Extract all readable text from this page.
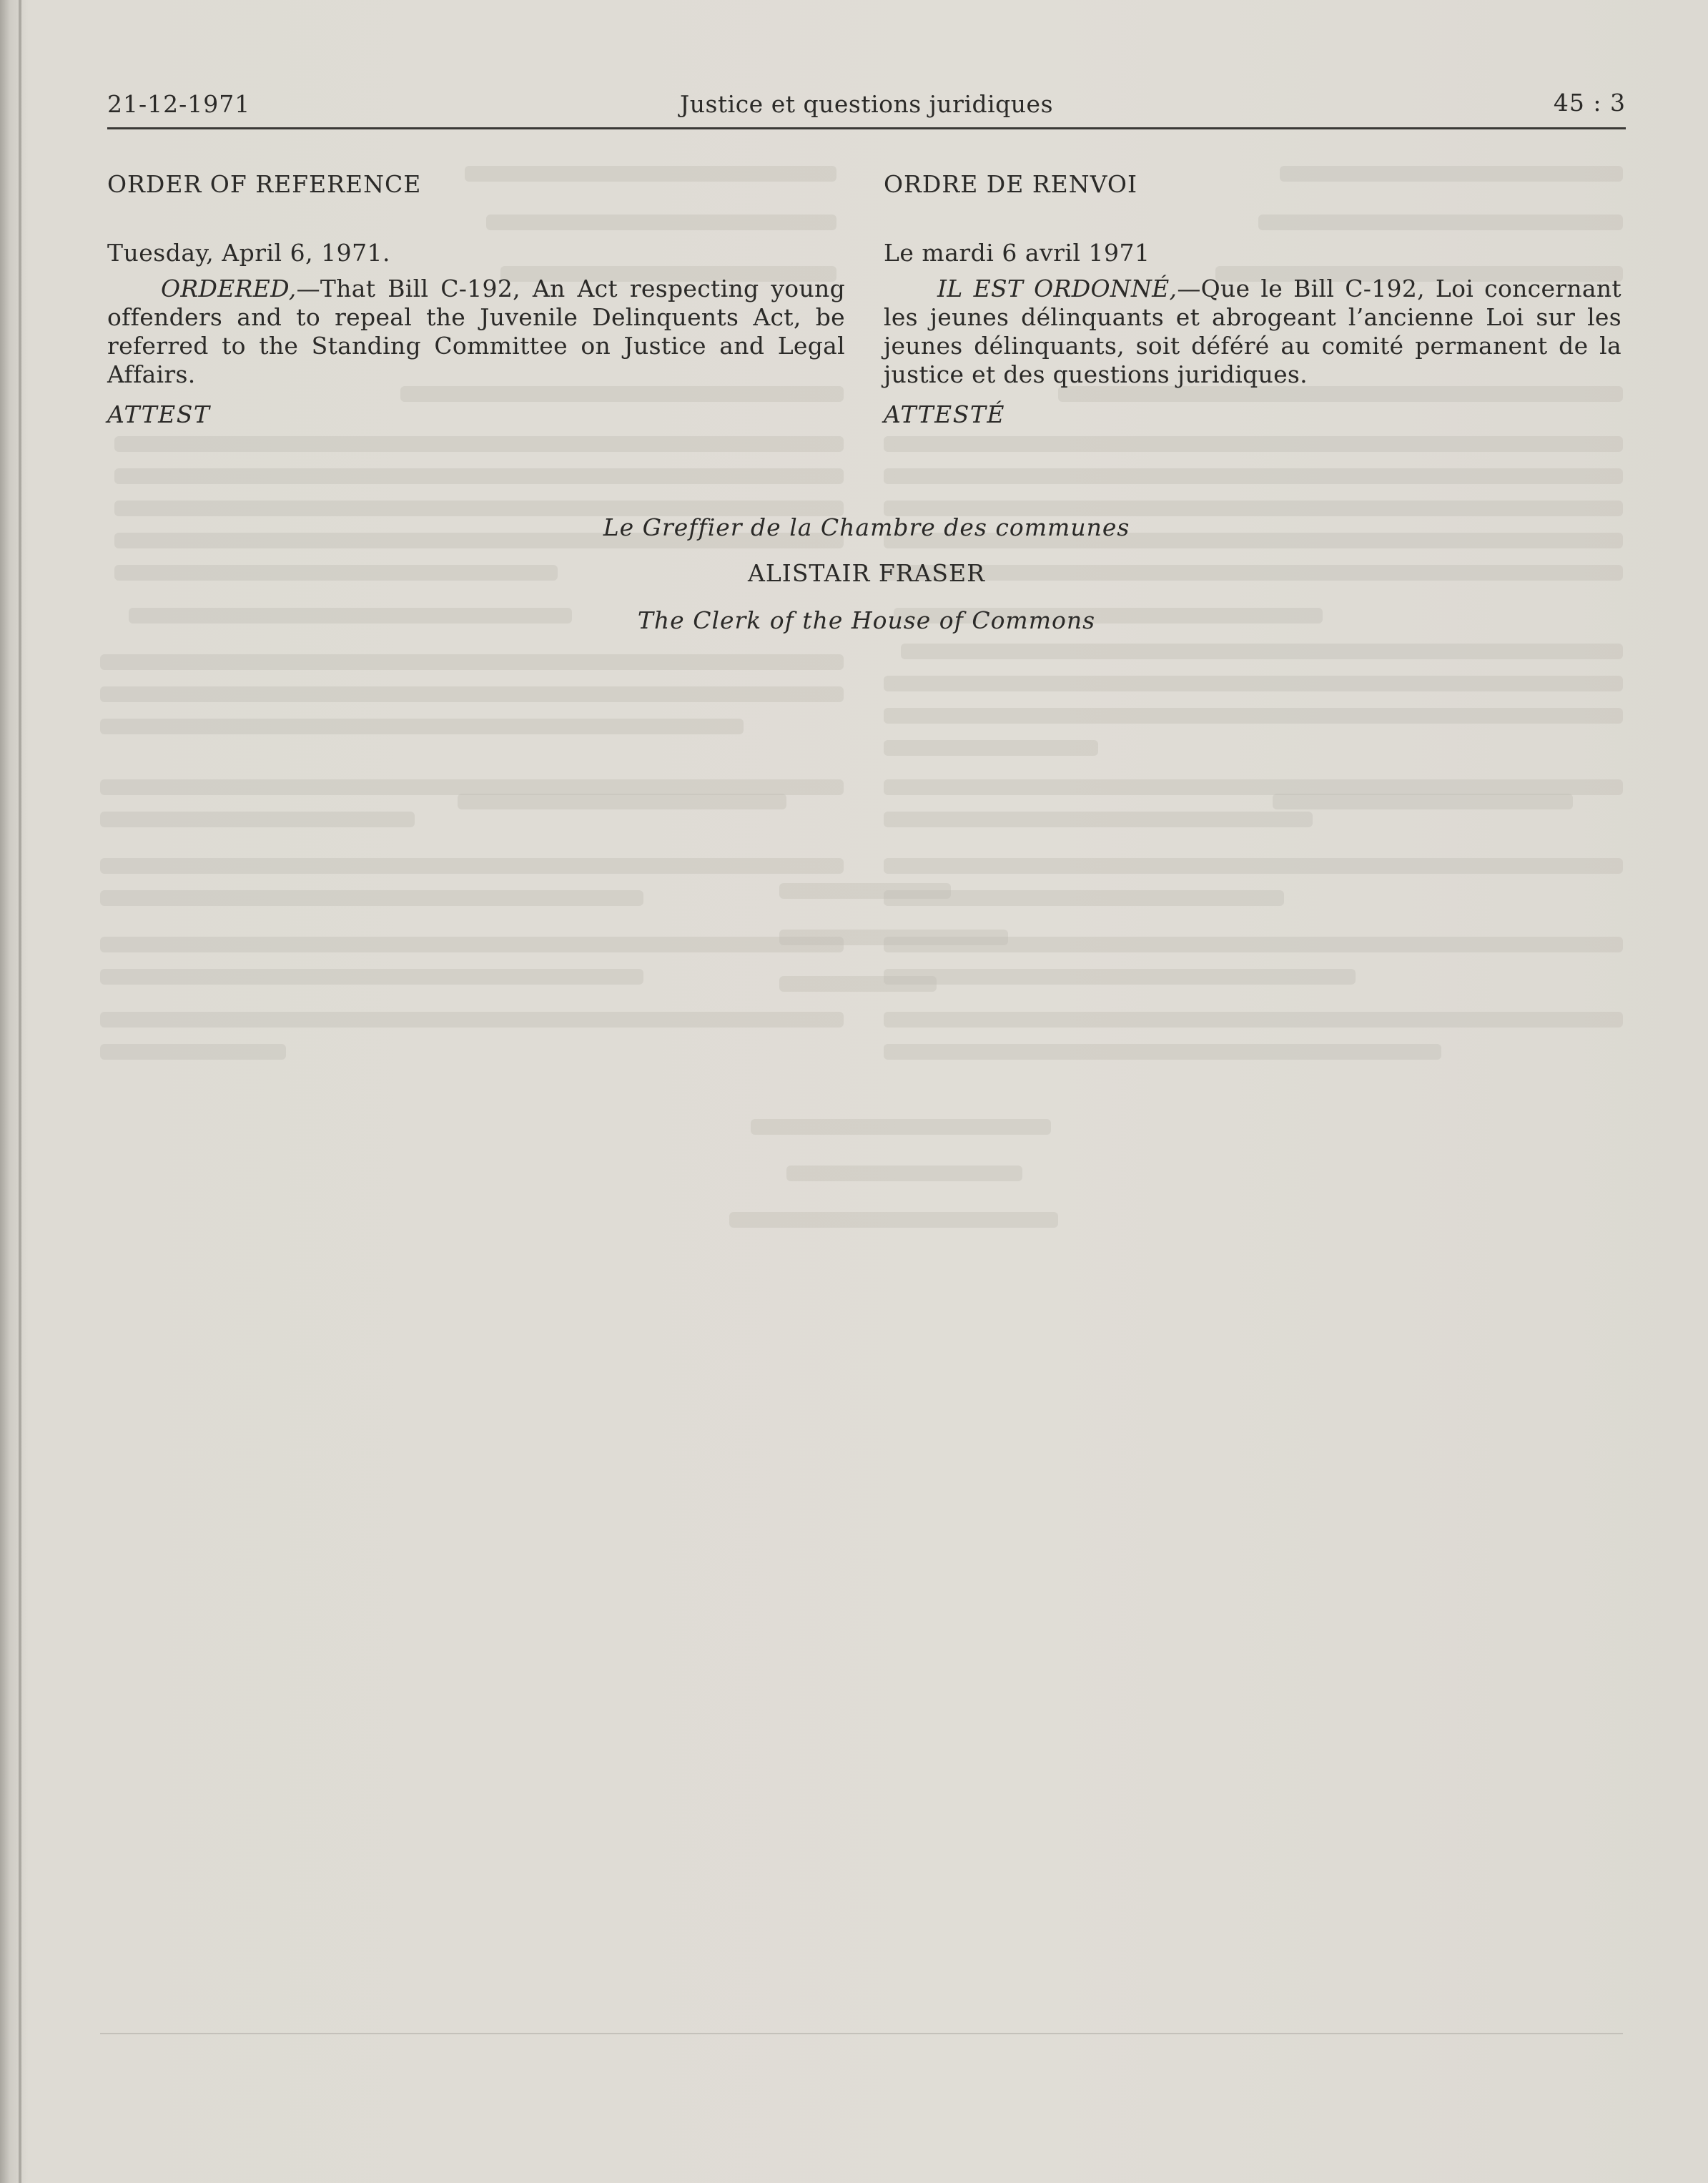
21-12-1971	Justice et questions juridiques	45 : 3
ORDER OF REFERENCE
Tuesday, April 6, 1971.

ORDERED,—That Bill C-192, An Act respecting young offenders and to repeal the Juvenile Delinquents Act, be referred to the Standing Committee on Justice and Legal Affairs.

ATTEST
ORDRE DE RENVOI
Le mardi 6 avril 1971

IL EST ORDONNÉ,—Que le Bill C-192, Loi concernant les jeunes délinquants et abrogeant l’ancienne Loi sur les jeunes délinquants, soit déféré au comité permanent de la justice et des questions juridiques.

ATTESTÉ
Le Greffier de la Chambre des communes
ALISTAIR FRASER
The Clerk of the House of Commons
